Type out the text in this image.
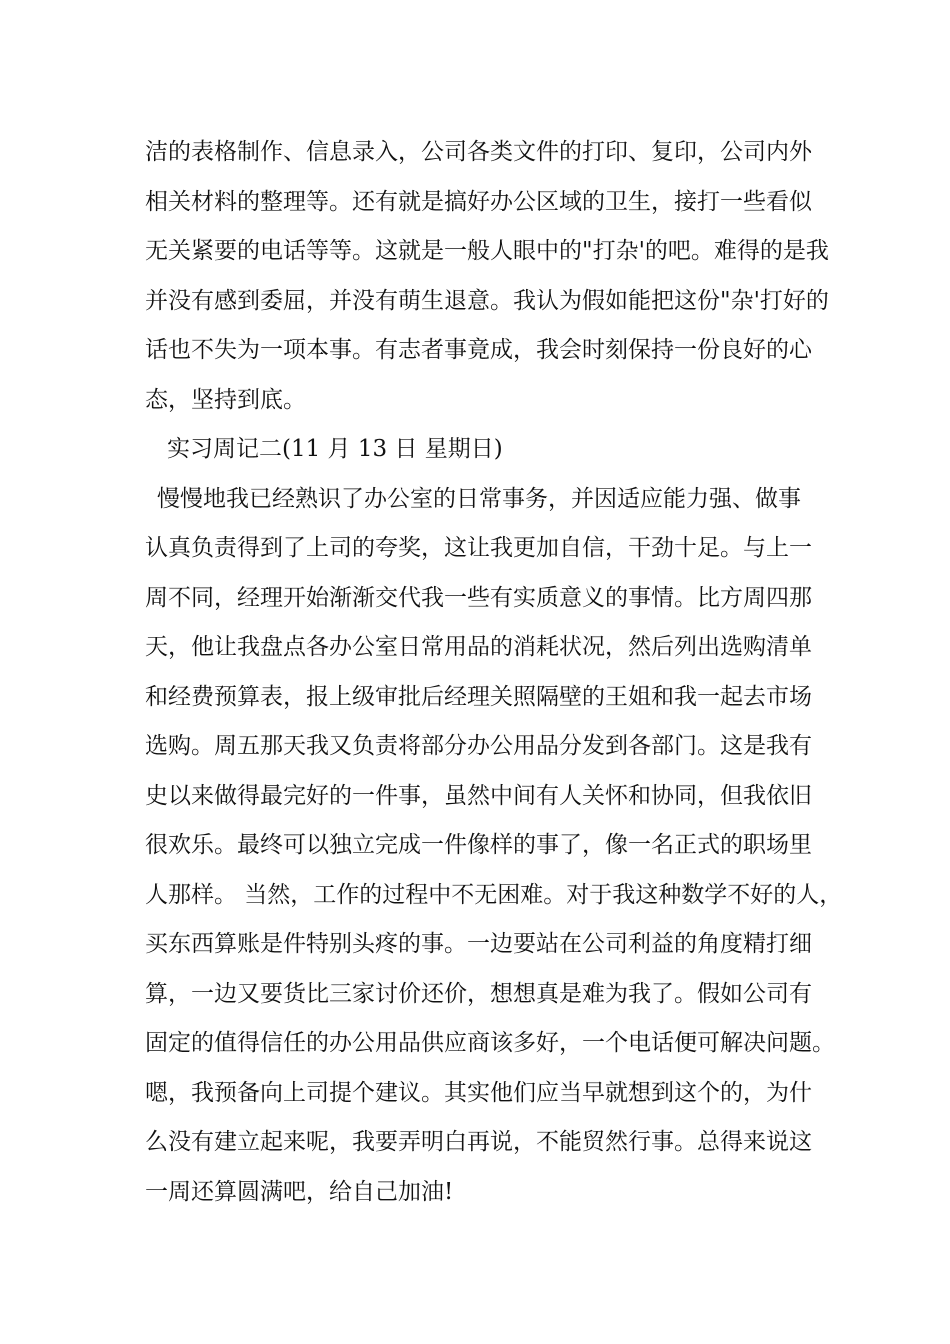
洁的表格制作、信息录入，公司各类文件的打印、复印，公司内外
相关材料的整理等。还有就是搞好办公区域的卫生，接打一些看似
无关紧要的电话等等。这就是一般人眼中的"打杂'的吧。难得的是我
并没有感到委屈，并没有萌生退意。我认为假如能把这份"杂'打好的
话也不失为一项本事。有志者事竟成，我会时刻保持一份良好的心
态，坚持到底。
实习周记二(11 月 13 日 星期日)
慢慢地我已经熟识了办公室的日常事务，并因适应能力强、做事
认真负责得到了上司的夸奖，这让我更加自信，干劲十足。与上一
周不同，经理开始渐渐交代我一些有实质意义的事情。比方周四那
天，他让我盘点各办公室日常用品的消耗状况，然后列出选购清单
和经费预算表，报上级审批后经理关照隔壁的王姐和我一起去市场
选购。周五那天我又负责将部分办公用品分发到各部门。这是我有
史以来做得最完好的一件事，虽然中间有人关怀和协同，但我依旧
很欢乐。最终可以独立完成一件像样的事了，像一名正式的职场里
人那样。 当然，工作的过程中不无困难。对于我这种数学不好的人，
买东西算账是件特别头疼的事。一边要站在公司利益的角度精打细
算，一边又要货比三家讨价还价，想想真是难为我了。假如公司有
固定的值得信任的办公用品供应商该多好，一个电话便可解决问题。
嗯，我预备向上司提个建议。其实他们应当早就想到这个的，为什
么没有建立起来呢，我要弄明白再说，不能贸然行事。总得来说这
一周还算圆满吧，给自己加油!
